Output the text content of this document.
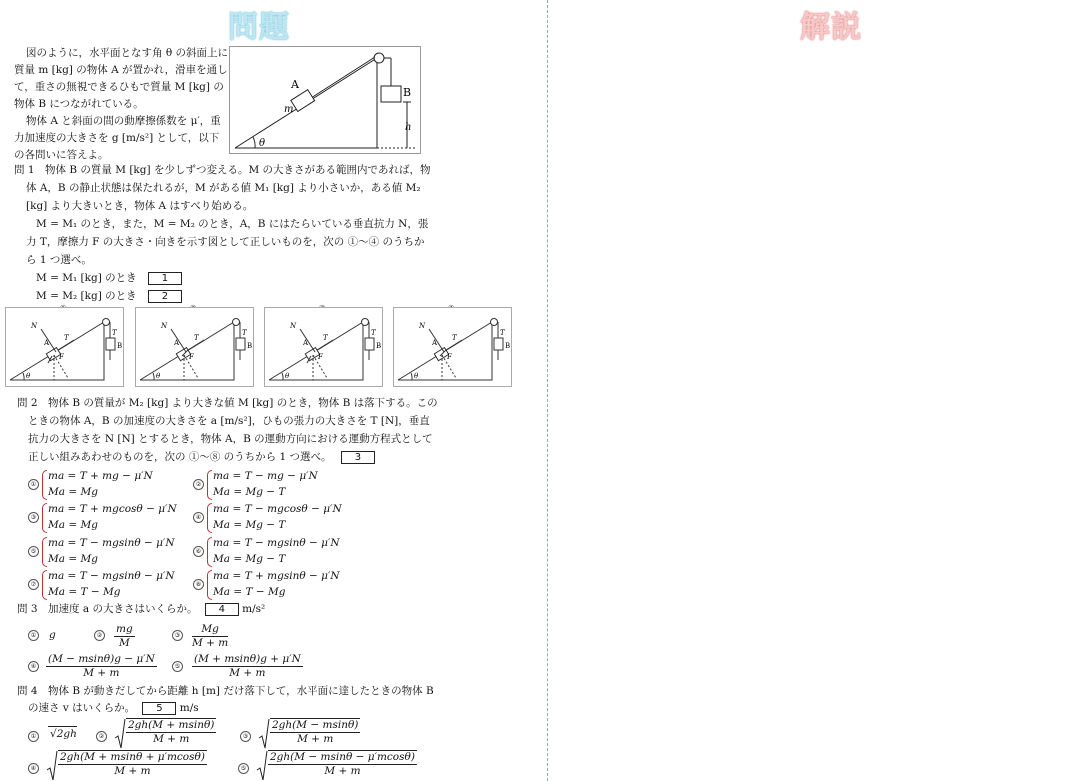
問題	解説
図のように，水平面となす角 θ の斜面上に
質量 m [kg] の物体 A が置かれ，滑車を通し
て，重さの無視できるひもで質量 M [kg] の
物体 B につながれている。
物体 A と斜面の間の動摩擦係数を μ′，重
力加速度の大きさを g [m/s²] として，以下
の各問いに答えよ。
A
m
B
h
θ
問 1　物体 B の質量 M [kg] を少しずつ変える。M の大きさがある範囲内であれば，物
体 A，B の静止状態は保たれるが，M がある値 M₁ [kg] より小さいか，ある値 M₂
[kg] より大きいとき，物体 A はすべり始める。
M = M₁ のとき，また，M = M₂ のとき，A，B にはたらいている垂直抗力 N，張
力 T，摩擦力 F の大きさ・向きを示す図として正しいものを，次の ①〜④ のうちか
ら 1 つ選べ。
M = M₁ [kg] のとき	1
M = M₂ [kg] のとき	2
N
T
A
F
T
B
θ
N
T
A
F
T
B
θ
N
T
A
F
T
B
θ
N
T
A
F
T
B
θ
問 2　物体 B の質量が M₂ [kg] より大きな値 M [kg] のとき，物体 B は落下する。この
ときの物体 A，B の加速度の大きさを a [m/s²]，ひもの張力の大きさを T [N]，垂直
抗力の大きさを N [N] とするとき，物体 A，B の運動方向における運動方程式として
正しい組みあわせのものを，次の ①〜⑧ のうちから 1 つ選べ。 3
①
ma = T + mg − μ′N
Ma = Mg
②
ma = T − mg − μ′N
Ma = Mg − T
③
ma = T + mgcosθ − μ′N
Ma = Mg
④
ma = T − mgcosθ − μ′N
Ma = Mg − T
⑤
ma = T − mgsinθ − μ′N
Ma = Mg
⑥
ma = T − mgsinθ − μ′N
Ma = Mg − T
⑦
ma = T − mgsinθ − μ′N
Ma = T − Mg
⑧
ma = T + mgsinθ − μ′N
Ma = T − Mg
問 3　加速度 a の大きさはいくらか。 4 m/s²
① g	② $\frac{mg}{M}$	③ $\frac{Mg}{M + m}$
④ $\frac{(M - msin\theta)g - \mu'N}{M + m}$	⑤ $\frac{(M + msin\theta)g + \mu'N}{M + m}$
問 4　物体 B が動きだしてから距離 h [m] だけ落下して，水平面に達したときの物体 B
の速さ v はいくらか。 5 m/s
① √2gh	② $\frac{2gh(M + msin\theta)}{M + m}$	③ $\frac{2gh(M - msin\theta)}{M + m}$
④ $\frac{2gh(M + msin\theta + \mu'mcos\theta)}{M + m}$	⑤ $\frac{2gh(M - msin\theta - \mu'mcos\theta)}{M + m}$
